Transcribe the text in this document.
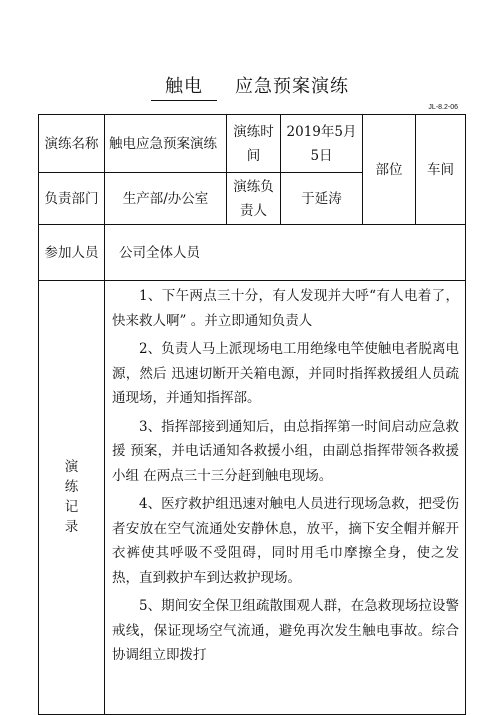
触电 应急预案演练
JL-8.2-06
演练名称	触电应急预案演练	演练时间	2019年5月5日	部位	车间

负责部门	生产部/办公室	演练负责人	于延涛		

参加人员	公司全体人员				
演练记录	1、下午两点三十分，有人发现并大呼“有人电着了，快来救人啊” 。并立即通知负责人

2、负责人马上派现场电工用绝缘电竿使触电者脱离电源，然后 迅速切断开关箱电源，并同时指挥救援组人员疏通现场，并通知指挥部。

3、指挥部接到通知后，由总指挥第一时间启动应急救援 预案，并电话通知各救援小组，由副总指挥带领各救援小组 在两点三十三分赶到触电现场。

4、医疗救护组迅速对触电人员进行现场急救，把受伤者安放在空气流通处安静休息，放平，摘下安全帽并解开 衣裤使其呼吸不受阻碍，同时用毛巾摩擦全身，使之发热，直到救护车到达救护现场。

5、期间安全保卫组疏散围观人群，在急救现场拉设警戒线，保证现场空气流通，避免再次发生触电事故。综合协调组立即拨打				
